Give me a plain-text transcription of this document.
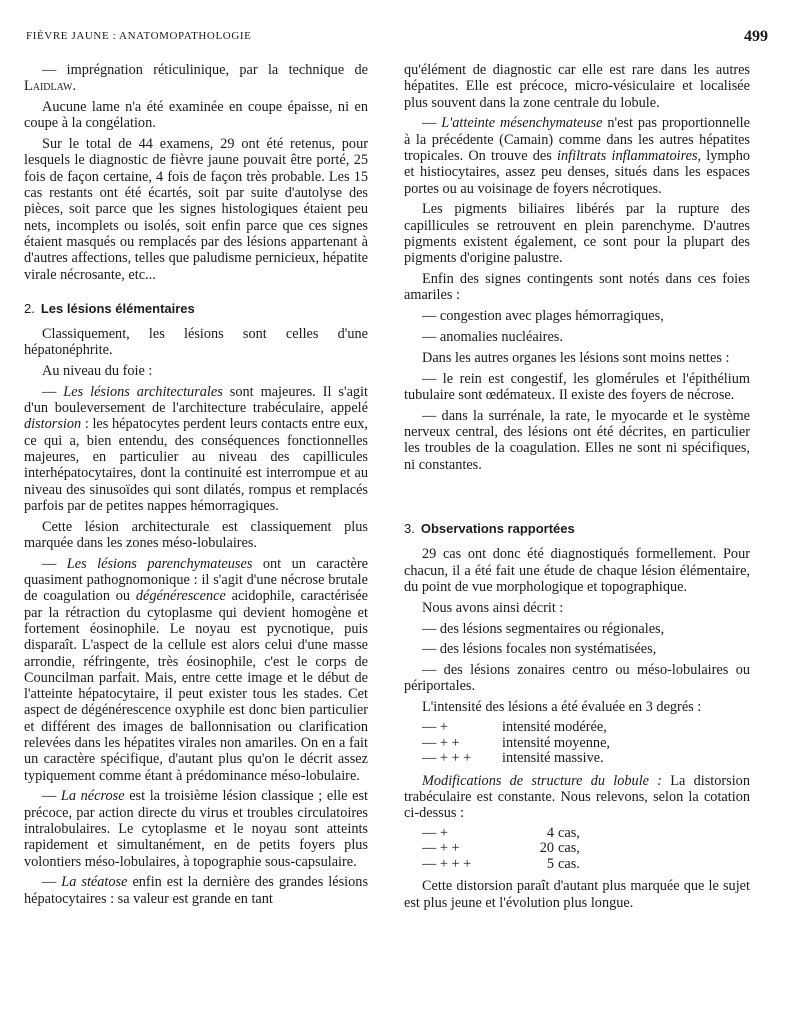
FIÈVRE JAUNE : ANATOMOPATHOLOGIE	499

— imprégnation réticulinique, par la technique de Laidlaw.

Aucune lame n'a été examinée en coupe épaisse, ni en coupe à la congélation.

Sur le total de 44 examens, 29 ont été retenus, pour lesquels le diagnostic de fièvre jaune pouvait être porté, 25 fois de façon certaine, 4 fois de façon très probable. Les 15 cas restants ont été écartés, soit par suite d'autolyse des pièces, soit parce que les signes histologiques étaient peu nets, incomplets ou isolés, soit enfin parce que ces signes étaient masqués ou remplacés par des lésions appartenant à d'autres affections, telles que paludisme pernicieux, hépatite virale nécrosante, etc...

2. Les lésions élémentaires

Classiquement, les lésions sont celles d'une hépatonéphrite.

Au niveau du foie :

— Les lésions architecturales sont majeures. Il s'agit d'un bouleversement de l'architecture trabéculaire, appelé distorsion : les hépatocytes perdent leurs contacts entre eux, ce qui a, bien entendu, des conséquences fonctionnelles majeures, en particulier au niveau des capillicules interhépatocytaires, dont la continuité est interrompue et au niveau des sinusoïdes qui sont dilatés, rompus et remplacés parfois par de petites nappes hémorragiques.

Cette lésion architecturale est classiquement plus marquée dans les zones méso-lobulaires.

— Les lésions parenchymateuses ont un caractère quasiment pathognomonique : il s'agit d'une nécrose brutale de coagulation ou dégénérescence acidophile, caractérisée par la rétraction du cytoplasme qui devient homogène et fortement éosinophile. Le noyau est pycnotique, puis disparaît. L'aspect de la cellule est alors celui d'une masse arrondie, réfringente, très éosinophile, c'est le corps de Councilman parfait. Mais, entre cette image et le début de l'atteinte hépatocytaire, il peut exister tous les stades. Cet aspect de dégénérescence oxyphile est donc bien particulier et différent des images de ballonnisation ou clarification relevées dans les hépatites virales non amariles. On en a fait un caractère spécifique, d'autant plus qu'on le décrit assez typiquement comme étant à prédominance méso-lobulaire.

— La nécrose est la troisième lésion classique ; elle est précoce, par action directe du virus et troubles circulatoires intralobulaires. Le cytoplasme et le noyau sont atteints rapidement et simultanément, en de petits foyers plus volontiers méso-lobulaires, à topographie sous-capsulaire.

— La stéatose enfin est la dernière des grandes lésions hépatocytaires : sa valeur est grande en tant

qu'élément de diagnostic car elle est rare dans les autres hépatites. Elle est précoce, micro-vésiculaire et localisée plus souvent dans la zone centrale du lobule.

— L'atteinte mésenchymateuse n'est pas proportionnelle à la précédente (Camain) comme dans les autres hépatites tropicales. On trouve des infiltrats inflammatoires, lympho et histiocytaires, assez peu denses, situés dans les espaces portes ou au voisinage de foyers nécrotiques.

Les pigments biliaires libérés par la rupture des capillicules se retrouvent en plein parenchyme. D'autres pigments existent également, ce sont pour la plupart des pigments d'origine palustre.

Enfin des signes contingents sont notés dans ces foies amariles :

— congestion avec plages hémorragiques,

— anomalies nucléaires.

Dans les autres organes les lésions sont moins nettes :

— le rein est congestif, les glomérules et l'épithélium tubulaire sont œdémateux. Il existe des foyers de nécrose.

— dans la surrénale, la rate, le myocarde et le système nerveux central, des lésions ont été décrites, en particulier les troubles de la coagulation. Elles ne sont ni spécifiques, ni constantes.

3. Observations rapportées

29 cas ont donc été diagnostiqués formellement. Pour chacun, il a été fait une étude de chaque lésion élémentaire, du point de vue morphologique et topographique.

Nous avons ainsi décrit :

— des lésions segmentaires ou régionales,

— des lésions focales non systématisées,

— des lésions zonaires centro ou méso-lobulaires ou périportales.

L'intensité des lésions a été évaluée en 3 degrés :

— +	intensité modérée,
— + +	intensité moyenne,
— + + +	intensité massive.

Modifications de structure du lobule : La distorsion trabéculaire est constante. Nous relevons, selon la cotation ci-dessus :

— +	4	cas,
— + +	20	cas,
— + + +	5	cas.

Cette distorsion paraît d'autant plus marquée que le sujet est plus jeune et l'évolution plus longue.
